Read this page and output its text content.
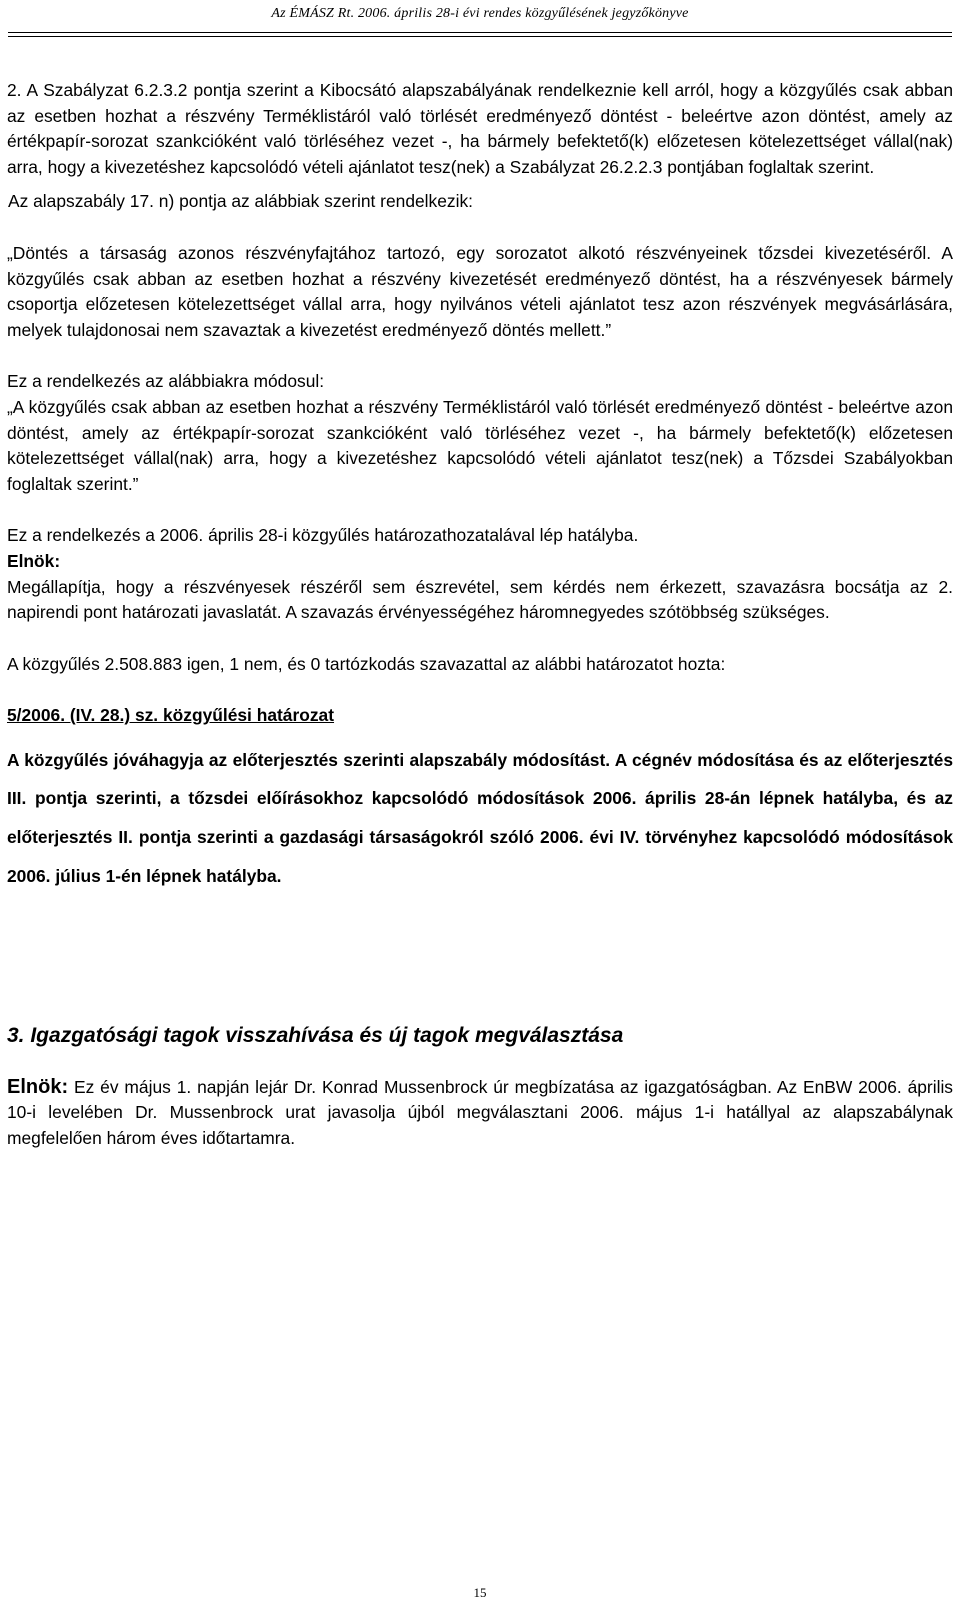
Az ÉMÁSZ Rt. 2006. április 28-i évi rendes közgyűlésének jegyzőkönyve

2. A Szabályzat 6.2.3.2 pontja szerint a Kibocsátó alapszabályának rendelkeznie kell arról, hogy a közgyűlés csak abban az esetben hozhat a részvény Terméklistáról való törlését eredményező döntést - beleértve azon döntést, amely az értékpapír-sorozat szankcióként való törléséhez vezet -, ha bármely befektető(k) előzetesen kötelezettséget vállal(nak) arra, hogy a kivezetéshez kapcsolódó vételi ajánlatot tesz(nek) a Szabályzat 26.2.2.3 pontjában foglaltak szerint.

Az alapszabály 17. n) pontja az alábbiak szerint rendelkezik:

„Döntés a társaság azonos részvényfajtához tartozó, egy sorozatot alkotó részvényeinek tőzsdei kivezetéséről. A közgyűlés csak abban az esetben hozhat a részvény kivezetését eredményező döntést, ha a részvényesek bármely csoportja előzetesen kötelezettséget vállal arra, hogy nyilvános vételi ajánlatot tesz azon részvények megvásárlására, melyek tulajdonosai nem szavaztak a kivezetést eredményező döntés mellett.”

Ez a rendelkezés az alábbiakra módosul:

„A közgyűlés csak abban az esetben hozhat a részvény Terméklistáról való törlését eredményező döntést - beleértve azon döntést, amely az értékpapír-sorozat szankcióként való törléséhez vezet -, ha bármely befektető(k) előzetesen kötelezettséget vállal(nak) arra, hogy a kivezetéshez kapcsolódó vételi ajánlatot tesz(nek) a Tőzsdei Szabályokban foglaltak szerint.”

Ez a rendelkezés a 2006. április 28-i közgyűlés határozathozatalával lép hatályba.

Elnök:

Megállapítja, hogy a részvényesek részéről sem észrevétel, sem kérdés nem érkezett, szavazásra bocsátja az 2. napirendi pont határozati javaslatát. A szavazás érvényességéhez háromnegyedes szótöbbség szükséges.

A közgyűlés 2.508.883 igen, 1 nem, és 0 tartózkodás szavazattal az alábbi határozatot hozta:

5/2006. (IV. 28.) sz. közgyűlési határozat

A közgyűlés jóváhagyja az előterjesztés szerinti alapszabály módosítást. A cégnév módosítása és az előterjesztés III. pontja szerinti, a tőzsdei előírásokhoz kapcsolódó módosítások 2006. április 28-án lépnek hatályba, és az előterjesztés II. pontja szerinti a gazdasági társaságokról szóló 2006. évi IV. törvényhez kapcsolódó módosítások 2006. július 1-én lépnek hatályba.

3. Igazgatósági tagok visszahívása és új tagok megválasztása

Elnök: Ez év május 1. napján lejár Dr. Konrad Mussenbrock úr megbízatása az igazgatóságban. Az EnBW 2006. április 10-i levelében Dr. Mussenbrock urat javasolja újból megválasztani 2006. május 1-i hatállyal az alapszabálynak megfelelően három éves időtartamra.

15
